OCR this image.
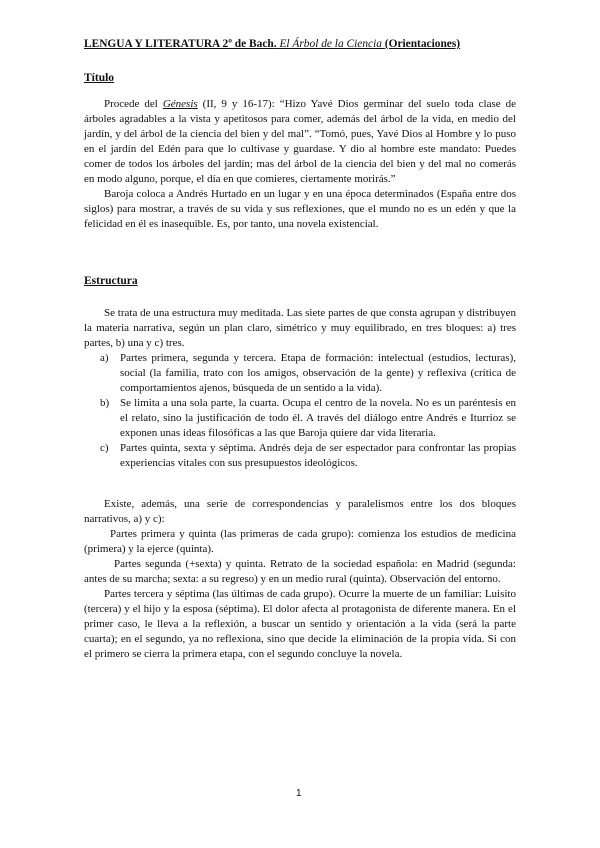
LENGUA Y LITERATURA 2º de Bach. El Árbol de la Ciencia (Orientaciones)
Título

Procede del Génesis (II, 9 y 16-17): “Hizo Yavé Dios germinar del suelo toda clase de árboles agradables a la vista y apetitosos para comer, además del árbol de la vida, en medio del jardín, y del árbol de la ciencia del bien y del mal”. “Tomó, pues, Yavé Dios al Hombre y lo puso en el jardín del Edén para que lo cultivase y guardase. Y dio al hombre este mandato: Puedes comer de todos los árboles del jardín; mas del árbol de la ciencia del bien y del mal no comerás en modo alguno, porque, el día en que comieres, ciertamente morirás.”

Baroja coloca a Andrés Hurtado en un lugar y en una época determinados (España entre dos siglos) para mostrar, a través de su vida y sus reflexiones, que el mundo no es un edén y que la felicidad en él es inasequible. Es, por tanto, una novela existencial.

Estructura

Se trata de una estructura muy meditada. Las siete partes de que consta agrupan y distribuyen la materia narrativa, según un plan claro, simétrico y muy equilibrado, en tres bloques: a) tres partes, b) una y c) tres.

a) Partes primera, segunda y tercera. Etapa de formación: intelectual (estudios, lecturas), social (la familia, trato con los amigos, observación de la gente) y reflexiva (crítica de comportamientos ajenos, búsqueda de un sentido a la vida).
b) Se limita a una sola parte, la cuarta. Ocupa el centro de la novela. No es un paréntesis en el relato, sino la justificación de todo él. A través del diálogo entre Andrés e Iturrioz se exponen unas ideas filosóficas a las que Baroja quiere dar vida literaria.
c) Partes quinta, sexta y séptima. Andrés deja de ser espectador para confrontar las propias experiencias vitales con sus presupuestos ideológicos.

Existe, además, una serie de correspondencias y paralelismos entre los dos bloques narrativos, a) y c):

Partes primera y quinta (las primeras de cada grupo): comienza los estudios de medicina (primera) y la ejerce (quinta).

Partes segunda (+sexta) y quinta. Retrato de la sociedad española: en Madrid (segunda: antes de su marcha; sexta: a su regreso) y en un medio rural (quinta). Observación del entorno.

Partes tercera y séptima (las últimas de cada grupo). Ocurre la muerte de un familiar: Luisito (tercera) y el hijo y la esposa (séptima). El dolor afecta al protagonista de diferente manera. En el primer caso, le lleva a la reflexión, a buscar un sentido y orientación a la vida (será la parte cuarta); en el segundo, ya no reflexiona, sino que decide la eliminación de la propia vida. Si con el primero se cierra la primera etapa, con el segundo concluye la novela.

1
